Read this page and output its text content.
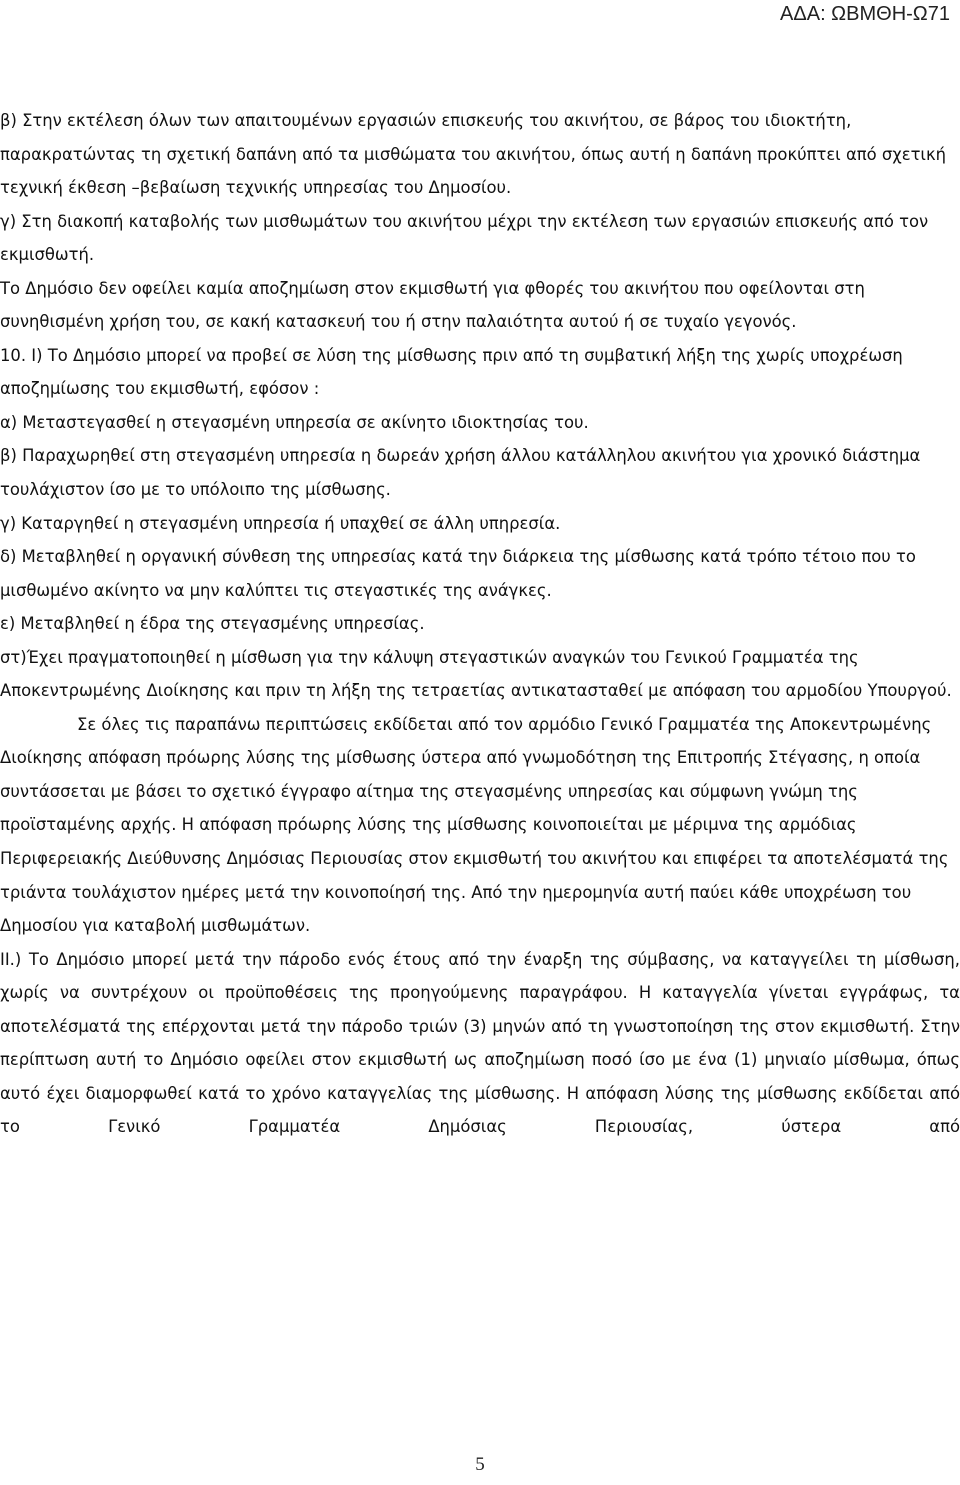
ΑΔΑ: ΩΒΜΘΗ-Ω71

β) Στην εκτέλεση όλων των απαιτουμένων εργασιών επισκευής του ακινήτου, σε βάρος του ιδιοκτήτη, παρακρατώντας τη σχετική δαπάνη από τα μισθώματα του ακινήτου, όπως αυτή η δαπάνη προκύπτει από σχετική τεχνική έκθεση –βεβαίωση τεχνικής υπηρεσίας του Δημοσίου.

γ) Στη διακοπή καταβολής των μισθωμάτων του ακινήτου μέχρι την εκτέλεση των εργασιών επισκευής από τον εκμισθωτή.

Το Δημόσιο δεν οφείλει καμία αποζημίωση στον εκμισθωτή για φθορές του ακινήτου που οφείλονται στη συνηθισμένη χρήση του, σε κακή κατασκευή του ή στην παλαιότητα αυτού ή σε τυχαίο γεγονός.

10. Ι) Το Δημόσιο μπορεί να προβεί σε λύση της μίσθωσης πριν από τη συμβατική λήξη της χωρίς υποχρέωση αποζημίωσης του εκμισθωτή, εφόσον :

α) Μεταστεγασθεί η στεγασμένη υπηρεσία σε ακίνητο ιδιοκτησίας του.

β) Παραχωρηθεί στη στεγασμένη υπηρεσία η δωρεάν χρήση άλλου κατάλληλου ακινήτου για χρονικό διάστημα τουλάχιστον ίσο με το υπόλοιπο της μίσθωσης.

γ) Καταργηθεί η στεγασμένη υπηρεσία ή υπαχθεί σε άλλη υπηρεσία.

δ) Μεταβληθεί η οργανική σύνθεση της υπηρεσίας κατά την διάρκεια της μίσθωσης κατά τρόπο τέτοιο που το μισθωμένο ακίνητο να μην καλύπτει τις στεγαστικές της ανάγκες.

ε) Μεταβληθεί η έδρα της στεγασμένης υπηρεσίας.

στ)Έχει πραγματοποιηθεί η μίσθωση για την κάλυψη στεγαστικών αναγκών του Γενικού Γραμματέα της Αποκεντρωμένης Διοίκησης και πριν τη λήξη της τετραετίας αντικατασταθεί με απόφαση του αρμοδίου Υπουργού.

Σε όλες τις παραπάνω περιπτώσεις εκδίδεται από τον αρμόδιο Γενικό Γραμματέα της Αποκεντρωμένης Διοίκησης απόφαση πρόωρης λύσης της μίσθωσης ύστερα από γνωμοδότηση της Επιτροπής Στέγασης, η οποία συντάσσεται με βάσει το σχετικό έγγραφο αίτημα της στεγασμένης υπηρεσίας και σύμφωνη γνώμη της προϊσταμένης αρχής. Η απόφαση πρόωρης λύσης της μίσθωσης κοινοποιείται με μέριμνα της αρμόδιας Περιφερειακής Διεύθυνσης Δημόσιας Περιουσίας στον εκμισθωτή του ακινήτου και επιφέρει τα αποτελέσματά της τριάντα τουλάχιστον ημέρες μετά την κοινοποίησή της. Από την ημερομηνία αυτή παύει κάθε υποχρέωση του Δημοσίου για καταβολή μισθωμάτων.

ΙΙ.) Το Δημόσιο μπορεί μετά την πάροδο ενός έτους από την έναρξη της σύμβασης, να καταγγείλει τη μίσθωση, χωρίς να συντρέχουν οι προϋποθέσεις της προηγούμενης παραγράφου. Η καταγγελία γίνεται εγγράφως, τα αποτελέσματά της επέρχονται μετά την πάροδο τριών (3) μηνών από τη γνωστοποίηση της στον εκμισθωτή. Στην περίπτωση αυτή το Δημόσιο οφείλει στον εκμισθωτή ως αποζημίωση ποσό ίσο με ένα (1) μηνιαίο μίσθωμα, όπως αυτό έχει διαμορφωθεί κατά το χρόνο καταγγελίας της μίσθωσης. Η απόφαση λύσης της μίσθωσης εκδίδεται από το Γενικό Γραμματέα Δημόσιας Περιουσίας, ύστερα από

5
